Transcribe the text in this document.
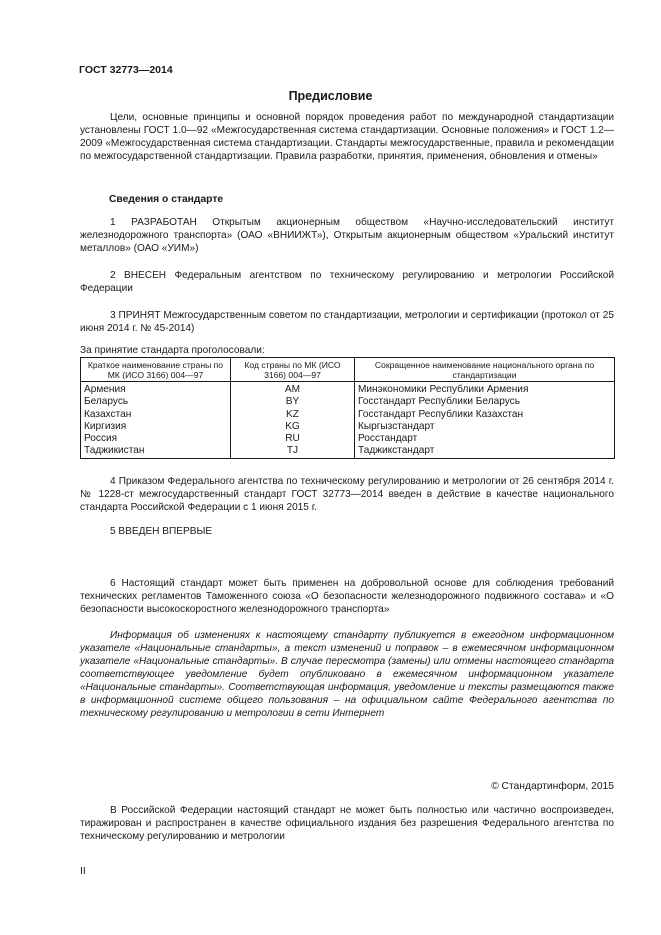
ГОСТ 32773—2014
Предисловие
Цели, основные принципы и основной порядок проведения работ по международной стандартизации установлены ГОСТ 1.0—92 «Межгосударственная система стандартизации. Основные положения» и ГОСТ 1.2—2009 «Межгосударственная система стандартизации. Стандарты межгосударственные, правила и рекомендации по межгосударственной стандартизации. Правила разработки, принятия, применения, обновления и отмены»
Сведения о стандарте
1 РАЗРАБОТАН Открытым акционерным обществом «Научно-исследовательский институт железнодорожного транспорта» (ОАО «ВНИИЖТ»), Открытым акционерным обществом «Уральский институт металлов» (ОАО «УИМ»)
2 ВНЕСЕН Федеральным агентством по техническому регулированию и метрологии Российской Федерации
3 ПРИНЯТ Межгосударственным советом по стандартизации, метрологии и сертификации (протокол от 25 июня 2014 г. № 45-2014)
За принятие стандарта проголосовали:
Краткое наименование страны по МК (ИСО 3166) 004—97	Код страны по МК (ИСО 3166) 004—97	Сокращенное наименование национального органа по стандартизации
Армения	AM	Минэкономики Республики Армения
Беларусь	BY	Госстандарт Республики Беларусь
Казахстан	KZ	Госстандарт Республики Казахстан
Киргизия	KG	Кыргызстандарт
Россия	RU	Росстандарт
Таджикистан	TJ	Таджикстандарт
4 Приказом Федерального агентства по техническому регулированию и метрологии от 26 сентября 2014 г. № 1228-ст межгосударственный стандарт ГОСТ 32773—2014 введен в действие в качестве национального стандарта Российской Федерации с 1 июня 2015 г.
5 ВВЕДЕН ВПЕРВЫЕ
6 Настоящий стандарт может быть применен на добровольной основе для соблюдения требований технических регламентов Таможенного союза «О безопасности железнодорожного подвижного состава» и «О безопасности высокоскоростного железнодорожного транспорта»
Информация об изменениях к настоящему стандарту публикуется в ежегодном информационном указателе «Национальные стандарты», а текст изменений и поправок – в ежемесячном информационном указателе «Национальные стандарты». В случае пересмотра (замены) или отмены настоящего стандарта соответствующее уведомление будет опубликовано в ежемесячном информационном указателе «Национальные стандарты». Соответствующая информация, уведомление и тексты размещаются также в информационной системе общего пользования – на официальном сайте Федерального агентства по техническому регулированию и метрологии в сети Интернет
© Стандартинформ, 2015
В Российской Федерации настоящий стандарт не может быть полностью или частично воспроизведен, тиражирован и распространен в качестве официального издания без разрешения Федерального агентства по техническому регулированию и метрологии
II
